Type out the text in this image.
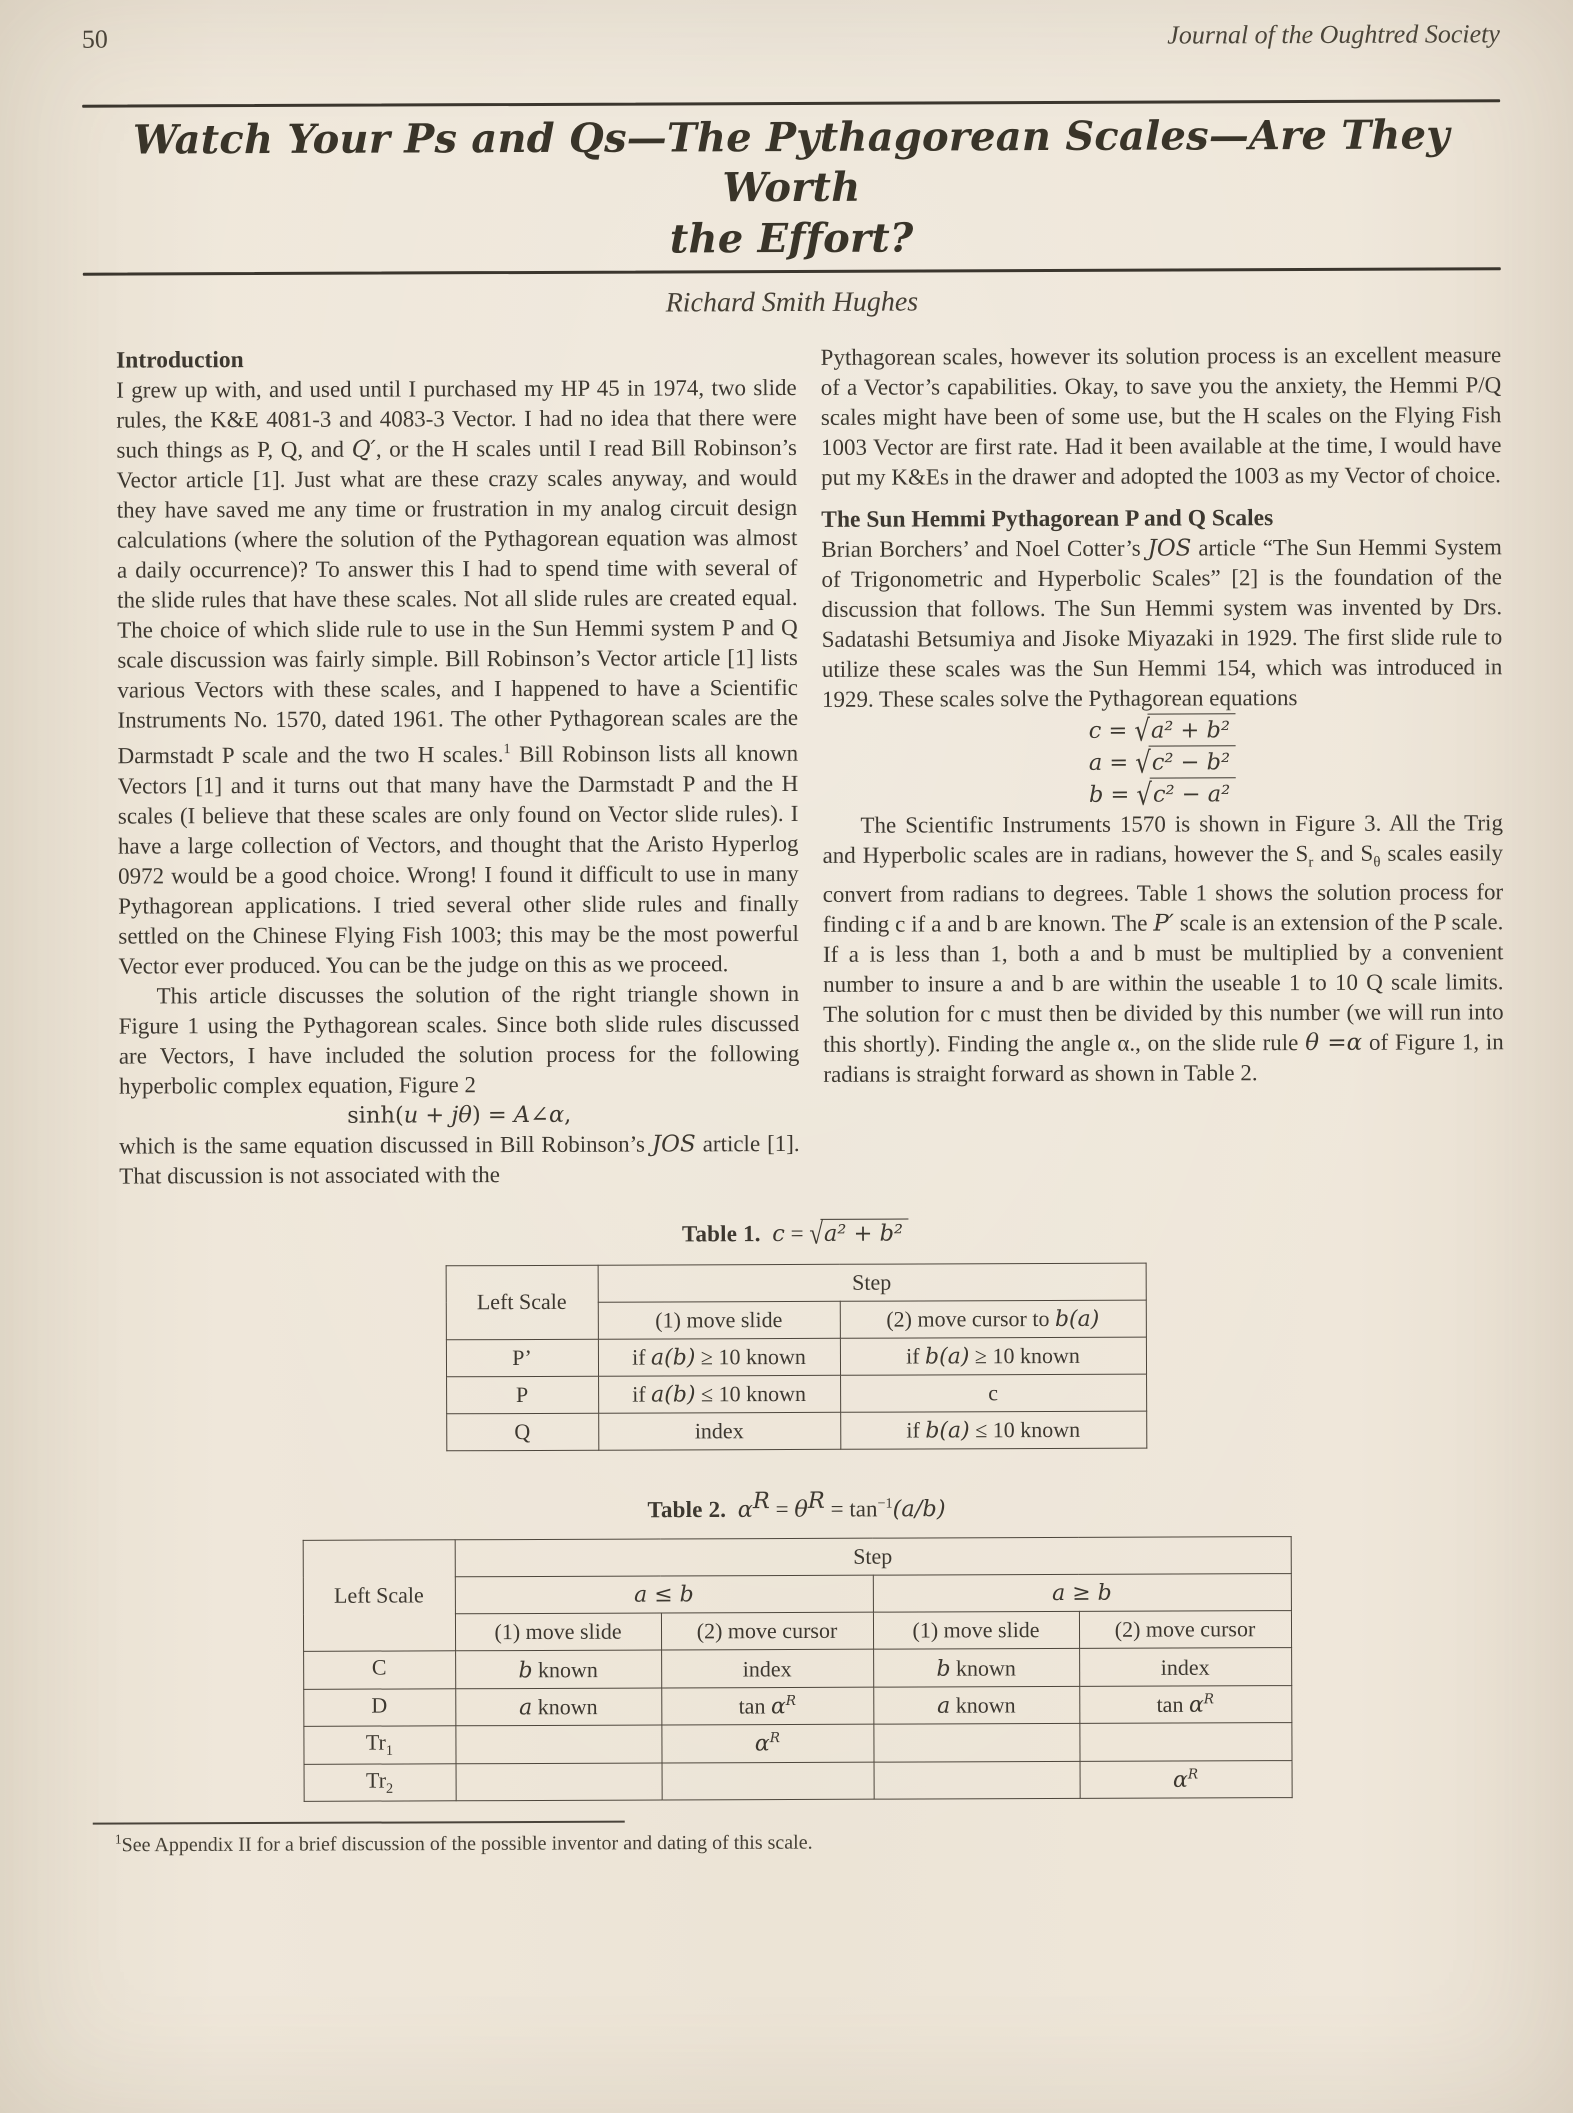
50	Journal of the Oughtred Society
Watch Your Ps and Qs—The Pythagorean Scales—Are They Worth
the Effort?
Richard Smith Hughes

Introduction

I grew up with, and used until I purchased my HP 45 in 1974, two slide rules, the K&E 4081-3 and 4083-3 Vector. I had no idea that there were such things as P, Q, and Q′, or the H scales until I read Bill Robinson’s Vector article [1]. Just what are these crazy scales anyway, and would they have saved me any time or frustration in my analog circuit design calculations (where the solution of the Pythagorean equation was almost a daily occurrence)? To answer this I had to spend time with several of the slide rules that have these scales. Not all slide rules are created equal. The choice of which slide rule to use in the Sun Hemmi system P and Q scale discussion was fairly simple. Bill Robinson’s Vector article [1] lists various Vectors with these scales, and I happened to have a Scientific Instruments No. 1570, dated 1961. The other Pythagorean scales are the Darmstadt P scale and the two H scales.$^1$ Bill Robinson lists all known Vectors [1] and it turns out that many have the Darmstadt P and the H scales (I believe that these scales are only found on Vector slide rules). I have a large collection of Vectors, and thought that the Aristo Hyperlog 0972 would be a good choice. Wrong! I found it difficult to use in many Pythagorean applications. I tried several other slide rules and finally settled on the Chinese Flying Fish 1003; this may be the most powerful Vector ever produced. You can be the judge on this as we proceed.

This article discusses the solution of the right triangle shown in Figure 1 using the Pythagorean scales. Since both slide rules discussed are Vectors, I have included the solution process for the following hyperbolic complex equation, Figure 2

sinh(u + jθ) = A∠α,

which is the same equation discussed in Bill Robinson’s JOS article [1]. That discussion is not associated with the

Pythagorean scales, however its solution process is an excellent measure of a Vector’s capabilities. Okay, to save you the anxiety, the Hemmi P/Q scales might have been of some use, but the H scales on the Flying Fish 1003 Vector are first rate. Had it been available at the time, I would have put my K&Es in the drawer and adopted the 1003 as my Vector of choice.

The Sun Hemmi Pythagorean P and Q Scales

Brian Borchers’ and Noel Cotter’s JOS article “The Sun Hemmi System of Trigonometric and Hyperbolic Scales” [2] is the foundation of the discussion that follows. The Sun Hemmi system was invented by Drs. Sadatashi Betsumiya and Jisoke Miyazaki in 1929. The first slide rule to utilize these scales was the Sun Hemmi 154, which was introduced in 1929. These scales solve the Pythagorean equations

c = √a² + b²

a = √c² − b²

b = √c² − a²

The Scientific Instruments 1570 is shown in Figure 3. All the Trig and Hyperbolic scales are in radians, however the $S_r$ and $S_\theta$ scales easily convert from radians to degrees. Table 1 shows the solution process for finding c if a and b are known. The P′ scale is an extension of the P scale. If a is less than 1, both a and b must be multiplied by a convenient number to insure a and b are within the useable 1 to 10 Q scale limits. The solution for c must then be divided by this number (we will run into this shortly). Finding the angle α., on the slide rule θ =α of Figure 1, in radians is straight forward as shown in Table 2.

Table 1. c = √a² + b²

Left Scale	Step	
	(1) move slide	(2) move cursor to b(a)
P’	if a(b) ≥ 10 known	if b(a) ≥ 10 known
P	if a(b) ≤ 10 known	c
Q	index	if b(a) ≤ 10 known

Table 2. $\alpha^R = \theta^R = \tan^{-1}(a/b)$

Left Scale	Step			
	a ≤ b		a ≥ b	
	(1) move slide	(2) move cursor	(1) move slide	(2) move cursor
C	b known	index	b known	index
D	a known	$\tan \alpha^R$	a known	$\tan \alpha^R$
$Tr_1$		$\alpha^R$		
$Tr_2$				$\alpha^R$

$^1$See Appendix II for a brief discussion of the possible inventor and dating of this scale.
